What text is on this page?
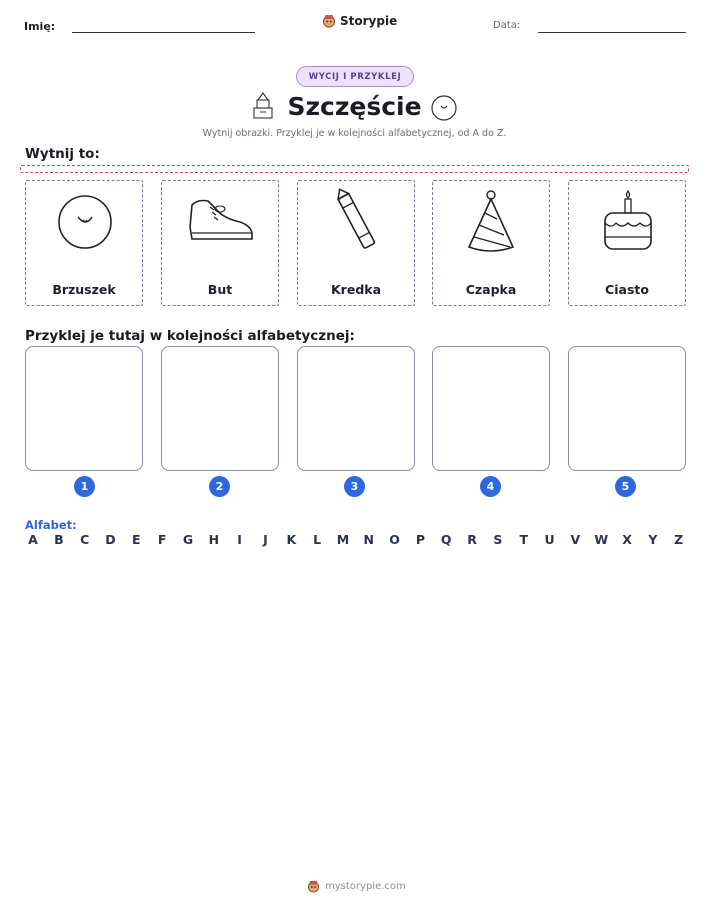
Imię:	Storypie	Data:
WYCIJ I PRZYKLEJ
Szczęście
Wytnij obrazki. Przyklej je w kolejności alfabetycznej, od A do Z.
Wytnij to:
Brzuszek	But	Kredka	Czapka	Ciasto
Przyklej je tutaj w kolejności alfabetycznej:
1	2	3	4	5
Alfabet:
A B C D E F G H	I	J	K	L	M N O P Q R S T U V W X Y Z
mystorypie.com
